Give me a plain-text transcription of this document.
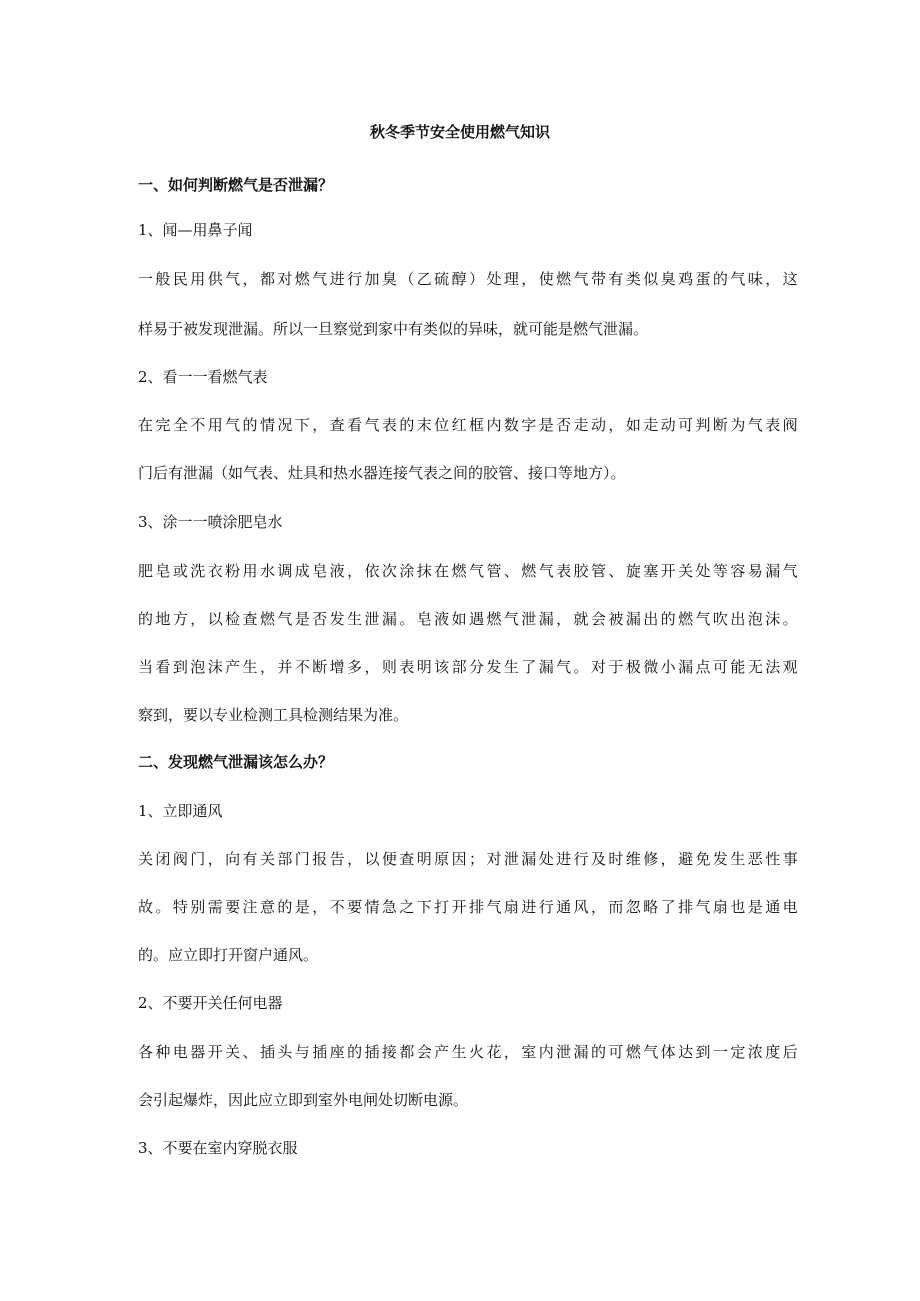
秋冬季节安全使用燃气知识

一、如何判断燃气是否泄漏？

1、闻—用鼻子闻

一 般 民 用 供 气 ， 都 对 燃 气 进 行 加 臭 （ 乙 硫 醇 ） 处 理 ， 使 燃 气 带 有 类 似 臭 鸡 蛋 的 气 味 ， 这

样易于被发现泄漏。所以一旦察觉到家中有类似的异味，就可能是燃气泄漏。

2、看一一看燃气表

在 完 全 不 用 气 的 情 况 下 ， 查 看 气 表 的 末 位 红 框 内 数 字 是 否 走 动 ， 如 走 动 可 判 断 为 气 表 阀

门后有泄漏（如气表、灶具和热水器连接气表之间的胶管、接口等地方）。

3、涂一一喷涂肥皂水

肥 皂 或 洗 衣 粉 用 水 调 成 皂 液 ， 依 次 涂 抹 在 燃 气 管 、 燃 气 表 胶 管 、 旋 塞 开 关 处 等 容 易 漏 气

的 地 方 ， 以 检 查 燃 气 是 否 发 生 泄 漏 。 皂 液 如 遇 燃 气 泄 漏 ， 就 会 被 漏 出 的 燃 气 吹 出 泡 沫 。

当 看 到 泡 沫 产 生 ， 并 不 断 增 多 ， 则 表 明 该 部 分 发 生 了 漏 气 。 对 于 极 微 小 漏 点 可 能 无 法 观

察到，要以专业检测工具检测结果为准。

二、发现燃气泄漏该怎么办？

1、立即通风

关 闭 阀 门 ， 向 有 关 部 门 报 告 ， 以 便 查 明 原 因 ； 对 泄 漏 处 进 行 及 时 维 修 ， 避 免 发 生 恶 性 事

故 。 特 别 需 要 注 意 的 是 ， 不 要 情 急 之 下 打 开 排 气 扇 进 行 通 风 ， 而 忽 略 了 排 气 扇 也 是 通 电

的。应立即打开窗户通风。

2、不要开关任何电器

各 种 电 器 开 关 、 插 头 与 插 座 的 插 接 都 会 产 生 火 花 ， 室 内 泄 漏 的 可 燃 气 体 达 到 一 定 浓 度 后

会引起爆炸，因此应立即到室外电闸处切断电源。

3、不要在室内穿脱衣服
